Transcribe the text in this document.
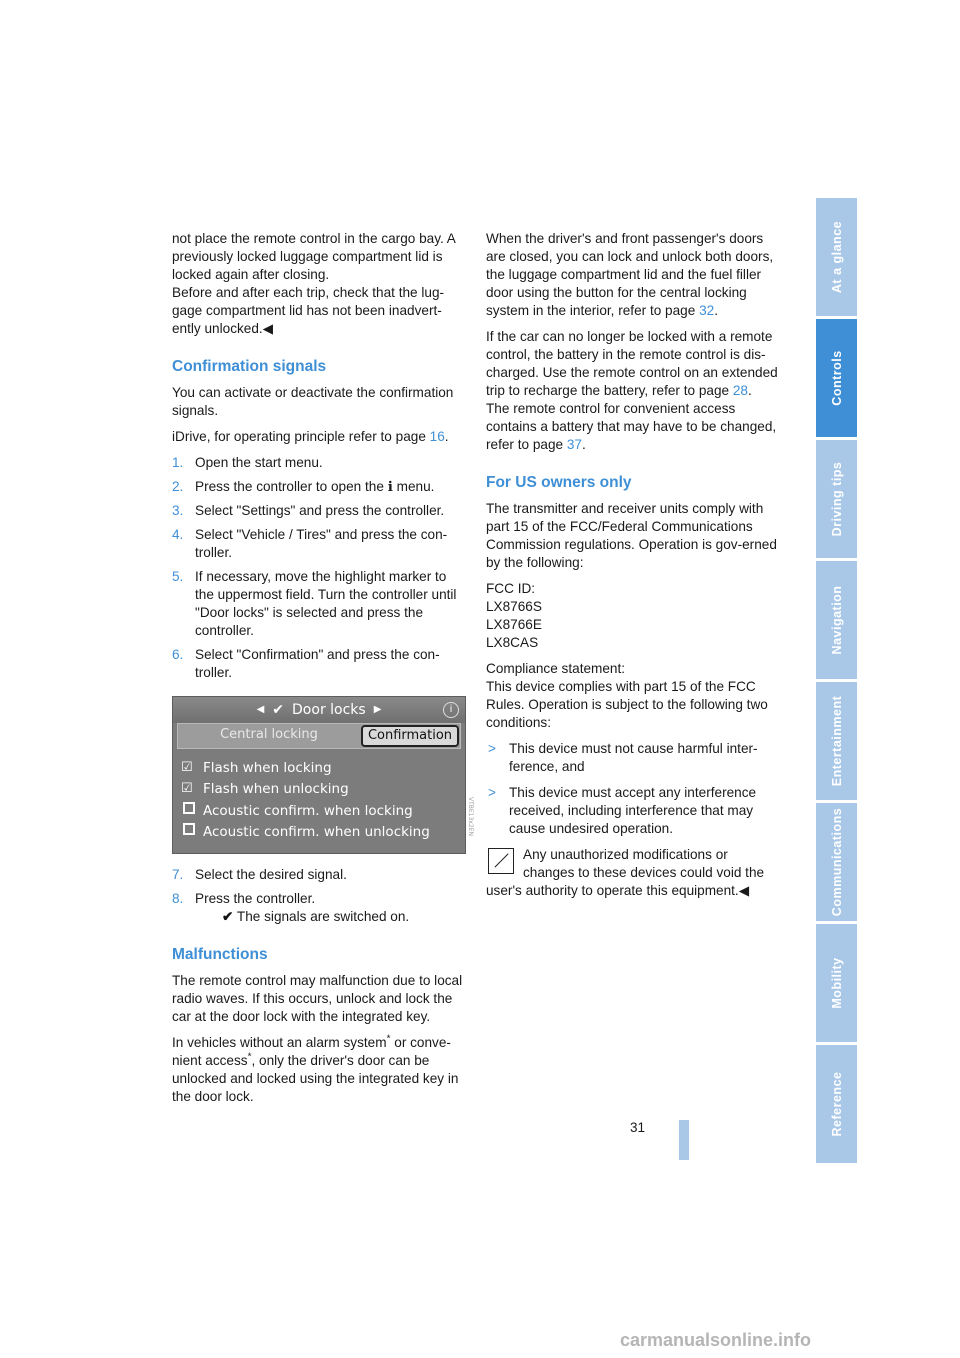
not place the remote control in the cargo bay. A previously locked luggage compartment lid is locked again after closing.

Before and after each trip, check that the lug-gage compartment lid has not been inadvert-ently unlocked.◀

Confirmation signals

You can activate or deactivate the confirmation signals.

iDrive, for operating principle refer to page 16.

1. Open the start menu.
2. Press the controller to open the ℹ menu.
3. Select "Settings" and press the controller.
4. Select "Vehicle / Tires" and press the con-troller.
5. If necessary, move the highlight marker to the uppermost field. Turn the controller until "Door locks" is selected and press the controller.
6. Select "Confirmation" and press the con-troller.
◀ ✔ Door locks ▶	i
Central locking	Confirmation
☑ Flash when locking
☑ Flash when unlocking
Acoustic confirm. when locking
Acoustic confirm. when unlocking	VTBE13x2EN
7. Select the desired signal.
8. Press the controller.
✔ The signals are switched on.
Malfunctions

The remote control may malfunction due to local radio waves. If this occurs, unlock and lock the car at the door lock with the integrated key.

In vehicles without an alarm system* or conve-nient access*, only the driver's door can be unlocked and locked using the integrated key in the door lock.

When the driver's and front passenger's doors are closed, you can lock and unlock both doors, the luggage compartment lid and the fuel filler door using the button for the central locking system in the interior, refer to page 32.

If the car can no longer be locked with a remote control, the battery in the remote control is dis-charged. Use the remote control on an extended trip to recharge the battery, refer to page 28. The remote control for convenient access contains a battery that may have to be changed, refer to page 37.

For US owners only

The transmitter and receiver units comply with part 15 of the FCC/Federal Communications Commission regulations. Operation is gov-erned by the following:

FCC ID:
LX8766S
LX8766E
LX8CAS

Compliance statement:
This device complies with part 15 of the FCC Rules. Operation is subject to the following two conditions:

> This device must not cause harmful inter-ference, and
> This device must accept any interference received, including interference that may cause undesired operation.

Any unauthorized modifications or changes to these devices could void the

user's authority to operate this equipment.◀

At a glance
Controls
Driving tips
Navigation
Entertainment
Communications
Mobility
Reference
31
carmanualsonline.info
